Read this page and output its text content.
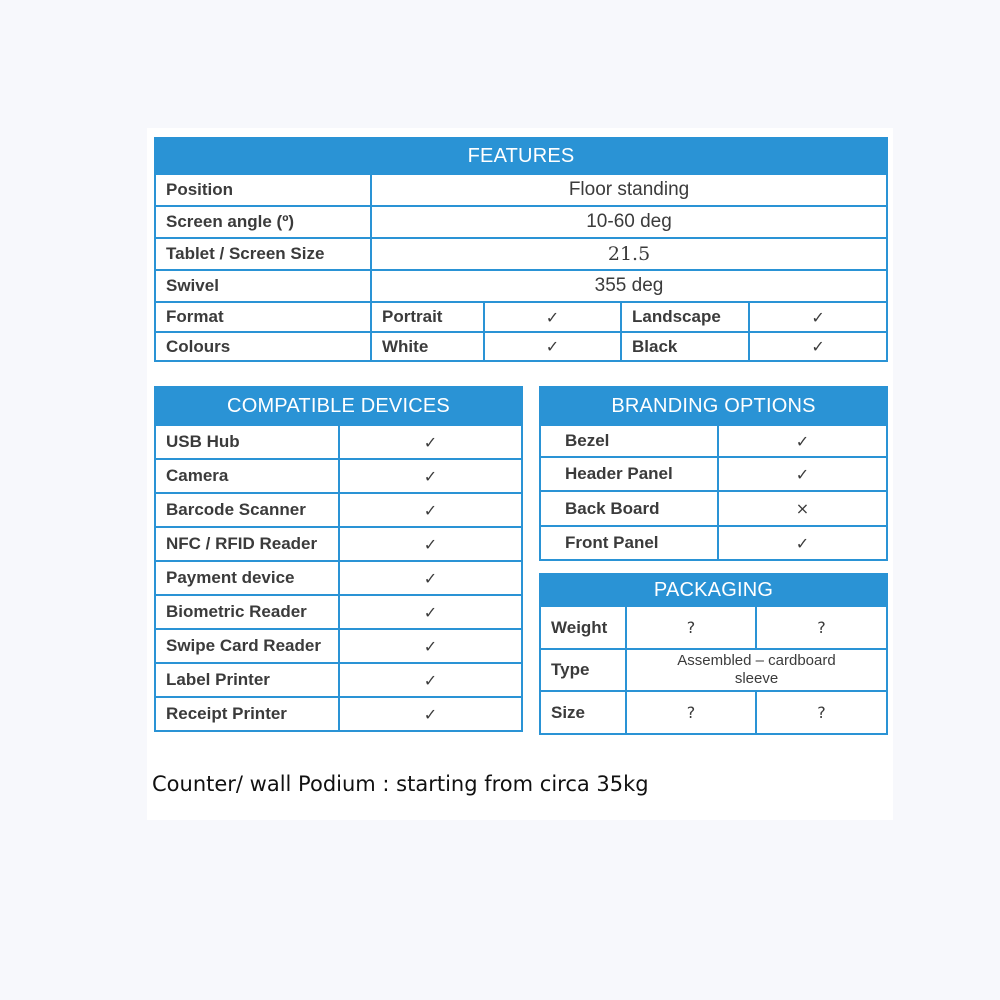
FEATURES				
Position	Floor standing			
Screen angle (º)	10-60 deg			
Tablet / Screen Size	21.5			
Swivel	355 deg			
Format	Portrait	✓	Landscape	✓
Colours	White	✓	Black	✓
COMPATIBLE DEVICES	
USB Hub	✓
Camera	✓
Barcode Scanner	✓
NFC / RFID Reader	✓
Payment device	✓
Biometric Reader	✓
Swipe Card Reader	✓
Label Printer	✓
Receipt Printer	✓
BRANDING OPTIONS	
Bezel	✓
Header Panel	✓
Back Board	×
Front Panel	✓
PACKAGING		
Weight	?	?
Type	Assembled – cardboard sleeve	
Size	?	?
Counter/ wall Podium : starting from circa 35kg
